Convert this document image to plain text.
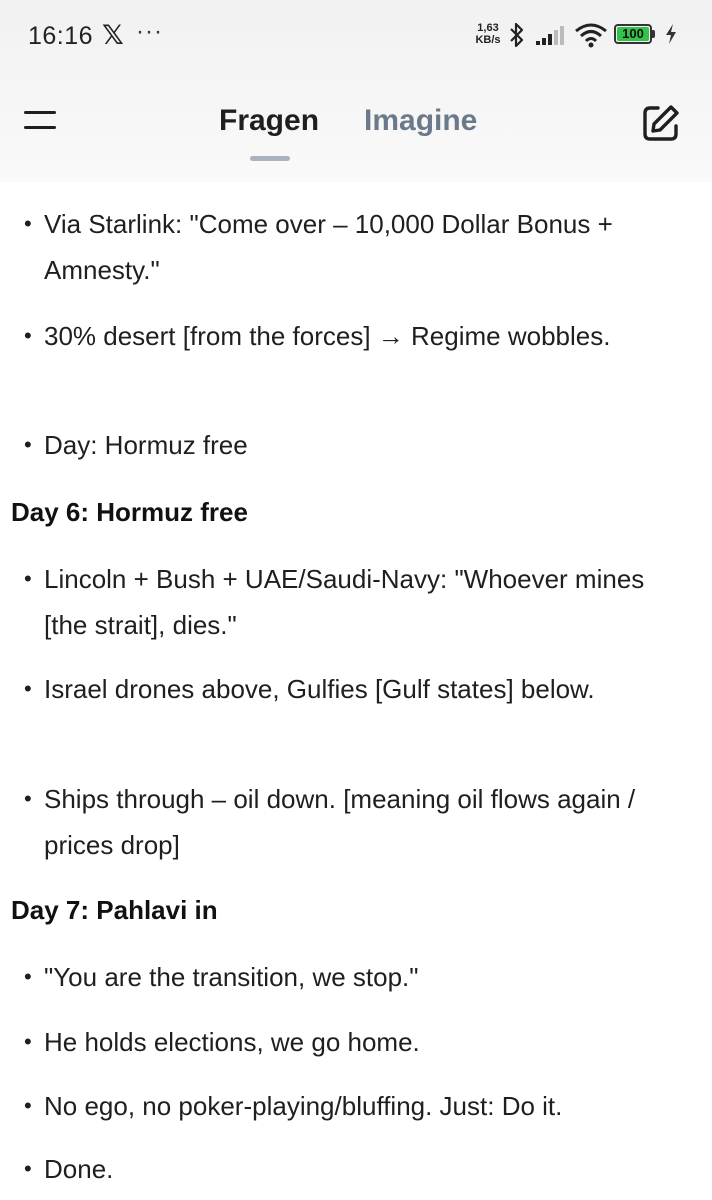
16:16 𝕏 ···	1,63
KB/s	100
Fragen Imagine
• Via Starlink: "Come over – 10,000 Dollar Bonus + Amnesty."
• 30% desert [from the forces] → Regime wobbles.
• Day: Hormuz free
Day 6: Hormuz free
• Lincoln + Bush + UAE/Saudi-Navy: "Whoever mines [the strait], dies."
• Israel drones above, Gulfies [Gulf states] below.
• Ships through – oil down. [meaning oil flows again / prices drop]
Day 7: Pahlavi in
• "You are the transition, we stop."
• He holds elections, we go home.
• No ego, no poker-playing/bluffing. Just: Do it.
• Done.
